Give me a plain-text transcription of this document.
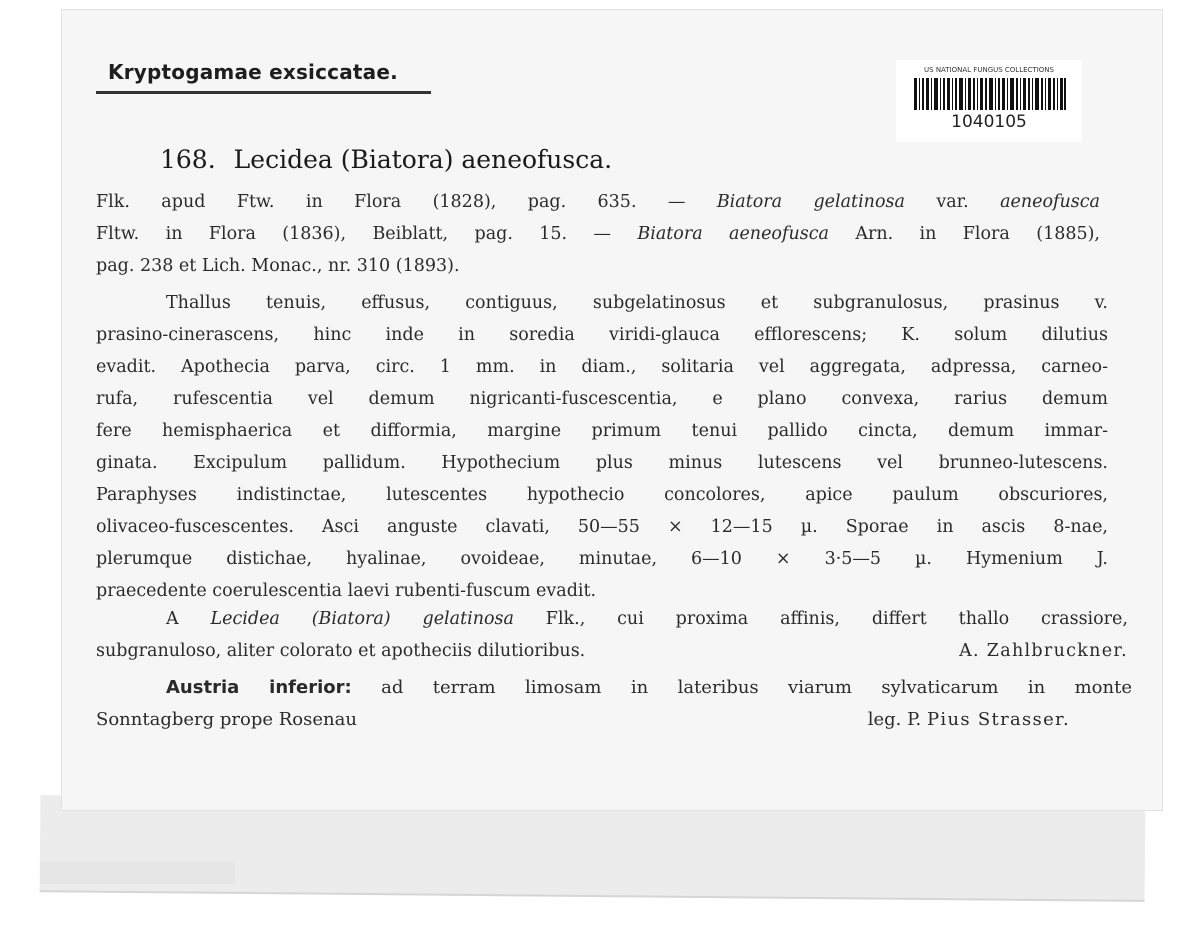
Kryptogamae exsiccatae.	US NATIONAL FUNGUS COLLECTIONS
1040105
168. Lecidea (Biatora) aeneofusca.
Flk. apud Ftw. in Flora (1828), pag. 635. — Biatora gelatinosa var. aeneofusca
Fltw. in Flora (1836), Beiblatt, pag. 15. — Biatora aeneofusca Arn. in Flora (1885),
pag. 238 et Lich. Monac., nr. 310 (1893).
Thallus tenuis, effusus, contiguus, subgelatinosus et subgranulosus, prasinus v.
prasino-cinerascens, hinc inde in soredia viridi-glauca efflorescens; K. solum dilutius
evadit. Apothecia parva, circ. 1 mm. in diam., solitaria vel aggregata, adpressa, carneo-
rufa, rufescentia vel demum nigricanti-fuscescentia, e plano convexa, rarius demum
fere hemisphaerica et difformia, margine primum tenui pallido cincta, demum immar-
ginata. Excipulum pallidum. Hypothecium plus minus lutescens vel brunneo-lutescens.
Paraphyses indistinctae, lutescentes hypothecio concolores, apice paulum obscuriores,
olivaceo-fuscescentes. Asci anguste clavati, 50—55 × 12—15 µ. Sporae in ascis 8-nae,
plerumque distichae, hyalinae, ovoideae, minutae, 6—10 × 3·5—5 µ. Hymenium J.
praecedente coerulescentia laevi rubenti-fuscum evadit.
A Lecidea (Biatora) gelatinosa Flk., cui proxima affinis, differt thallo crassiore,
subgranuloso, aliter colorato et apotheciis dilutioribus.	A. Zahlbruckner.
Austria inferior: ad terram limosam in lateribus viarum sylvaticarum in monte
Sonntagberg prope Rosenau	leg. P. Pius Strasser.
